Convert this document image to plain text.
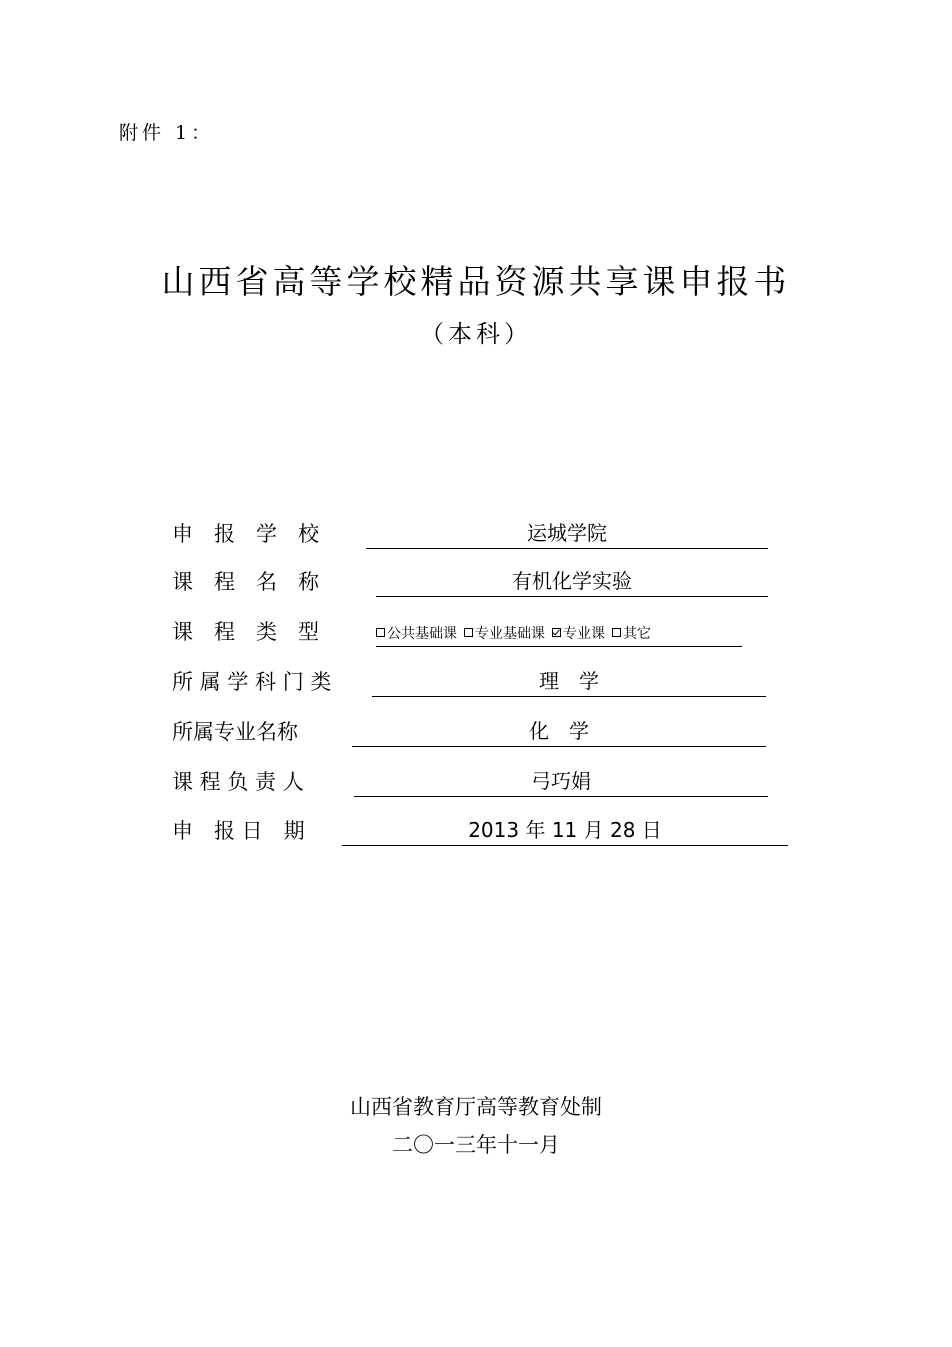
附件 1：
山西省高等学校精品资源共享课申报书
（本科）
申　报　学　校	运城学院
课　程　名　称	有机化学实验
课　程　类　型	公共基础课 专业基础课 专业课 其它
所 属 学 科 门 类	理　学
所属专业名称	化　学
课 程 负 责 人	弓巧娟
申　报 日　期	2013 年 11 月 28 日
山西省教育厅高等教育处制
二〇一三年十一月
